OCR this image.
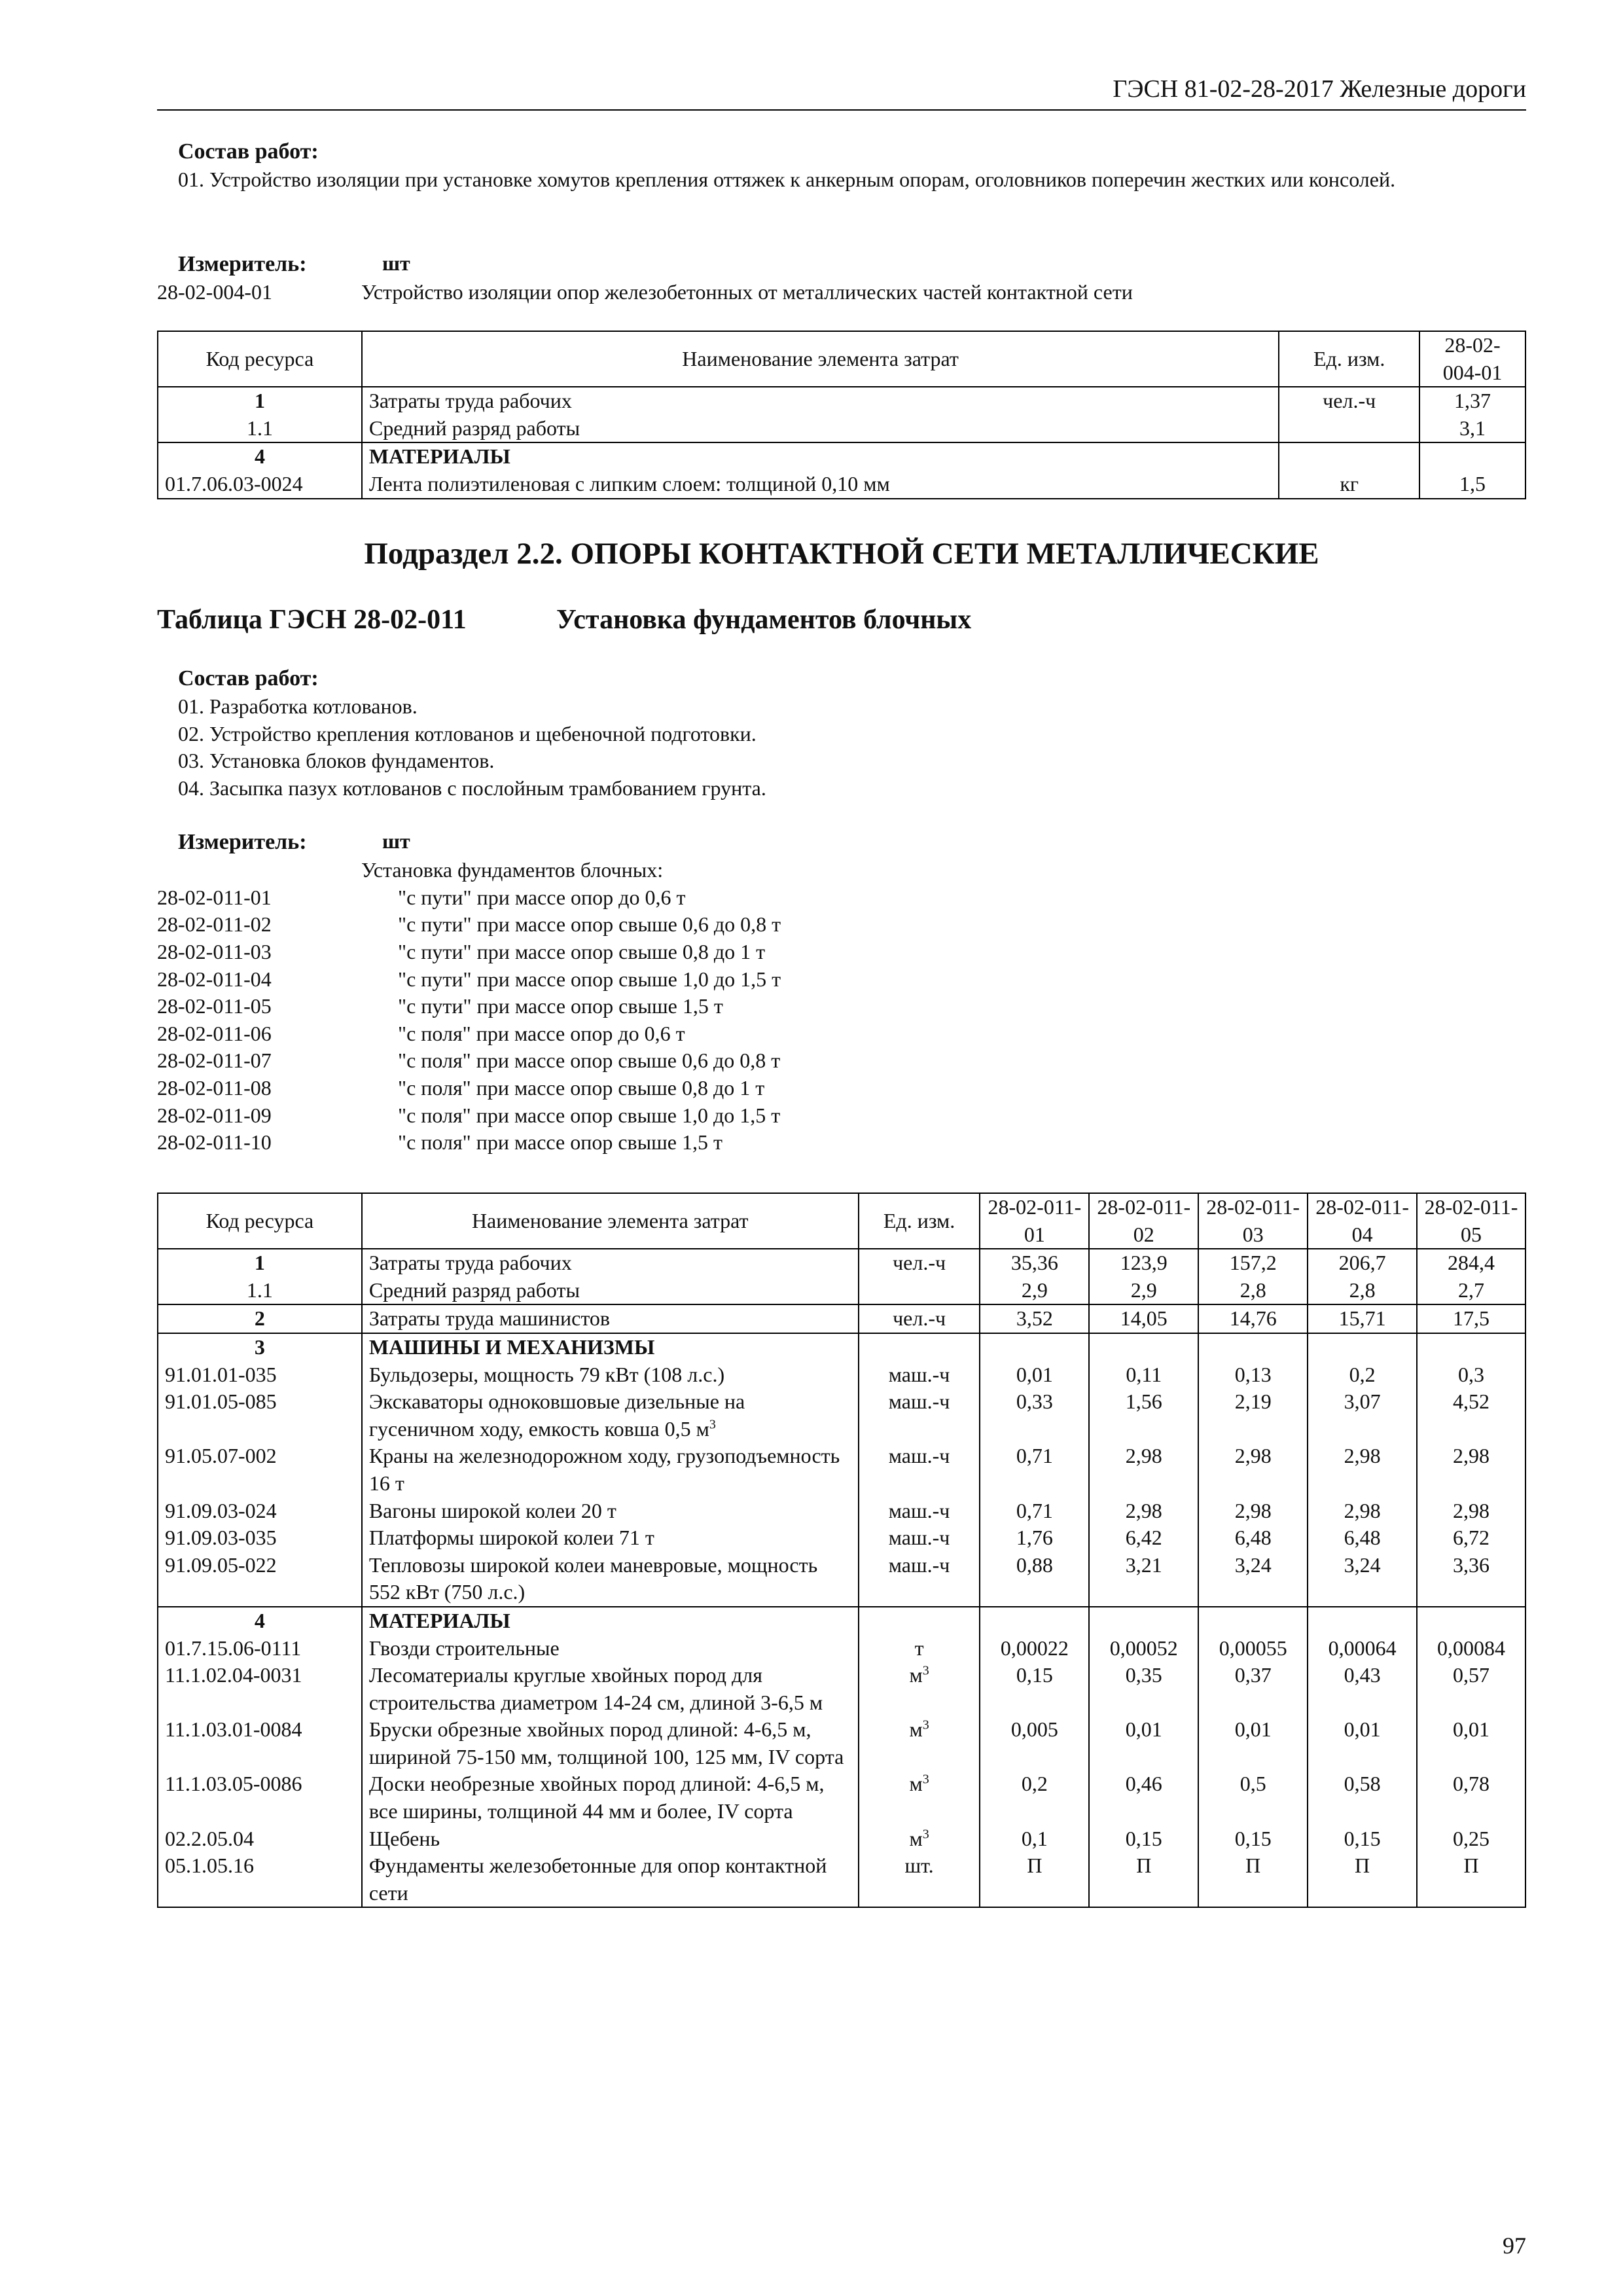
ГЭСН 81-02-28-2017 Железные дороги
Состав работ:
01. Устройство изоляции при установке хомутов крепления оттяжек к анкерным опорам, оголовников поперечин жестких или консолей.
Измеритель:	шт
28-02-004-01	Устройство изоляции опор железобетонных от металлических частей контактной сети
Код ресурса	Наименование элемента затрат	Ед. изм.	28-02-004-01
1	Затраты труда рабочих	чел.-ч	1,37
1.1	Средний разряд работы		3,1
4	МАТЕРИАЛЫ		
01.7.06.03-0024	Лента полиэтиленовая с липким слоем: толщиной 0,10 мм	кг	1,5
Подраздел 2.2. ОПОРЫ КОНТАКТНОЙ СЕТИ МЕТАЛЛИЧЕСКИЕ
Таблица ГЭСН 28-02-011	Установка фундаментов блочных
Состав работ:
01. Разработка котлованов.
02. Устройство крепления котлованов и щебеночной подготовки.
03. Установка блоков фундаментов.
04. Засыпка пазух котлованов с послойным трамбованием грунта.
Измеритель:	шт
Установка фундаментов блочных:
28-02-011-01	"с пути" при массе опор до 0,6 т
28-02-011-02	"с пути" при массе опор свыше 0,6 до 0,8 т
28-02-011-03	"с пути" при массе опор свыше 0,8 до 1 т
28-02-011-04	"с пути" при массе опор свыше 1,0 до 1,5 т
28-02-011-05	"с пути" при массе опор свыше 1,5 т
28-02-011-06	"с поля" при массе опор до 0,6 т
28-02-011-07	"с поля" при массе опор свыше 0,6 до 0,8 т
28-02-011-08	"с поля" при массе опор свыше 0,8 до 1 т
28-02-011-09	"с поля" при массе опор свыше 1,0 до 1,5 т
28-02-011-10	"с поля" при массе опор свыше 1,5 т
Код ресурса	Наименование элемента затрат	Ед. изм.	28-02-011-01	28-02-011-02	28-02-011-03	28-02-011-04	28-02-011-05
1	Затраты труда рабочих	чел.-ч	35,36	123,9	157,2	206,7	284,4
1.1	Средний разряд работы		2,9	2,9	2,8	2,8	2,7
2	Затраты труда машинистов	чел.-ч	3,52	14,05	14,76	15,71	17,5
3	МАШИНЫ И МЕХАНИЗМЫ						
91.01.01-035	Бульдозеры, мощность 79 кВт (108 л.с.)	маш.-ч	0,01	0,11	0,13	0,2	0,3
91.01.05-085	Экскаваторы одноковшовые дизельные на гусеничном ходу, емкость ковша 0,5 $м^3$	маш.-ч	0,33	1,56	2,19	3,07	4,52
91.05.07-002	Краны на железнодорожном ходу, грузоподъемность 16 т	маш.-ч	0,71	2,98	2,98	2,98	2,98
91.09.03-024	Вагоны широкой колеи 20 т	маш.-ч	0,71	2,98	2,98	2,98	2,98
91.09.03-035	Платформы широкой колеи 71 т	маш.-ч	1,76	6,42	6,48	6,48	6,72
91.09.05-022	Тепловозы широкой колеи маневровые, мощность 552 кВт (750 л.с.)	маш.-ч	0,88	3,21	3,24	3,24	3,36
4	МАТЕРИАЛЫ						
01.7.15.06-0111	Гвозди строительные	т	0,00022	0,00052	0,00055	0,00064	0,00084
11.1.02.04-0031	Лесоматериалы круглые хвойных пород для строительства диаметром 14-24 см, длиной 3-6,5 м	$м^3$	0,15	0,35	0,37	0,43	0,57
11.1.03.01-0084	Бруски обрезные хвойных пород длиной: 4-6,5 м, шириной 75-150 мм, толщиной 100, 125 мм, IV сорта	$м^3$	0,005	0,01	0,01	0,01	0,01
11.1.03.05-0086	Доски необрезные хвойных пород длиной: 4-6,5 м, все ширины, толщиной 44 мм и более, IV сорта	$м^3$	0,2	0,46	0,5	0,58	0,78
02.2.05.04	Щебень	$м^3$	0,1	0,15	0,15	0,15	0,25
05.1.05.16	Фундаменты железобетонные для опор контактной сети	шт.	П	П	П	П	П
97
